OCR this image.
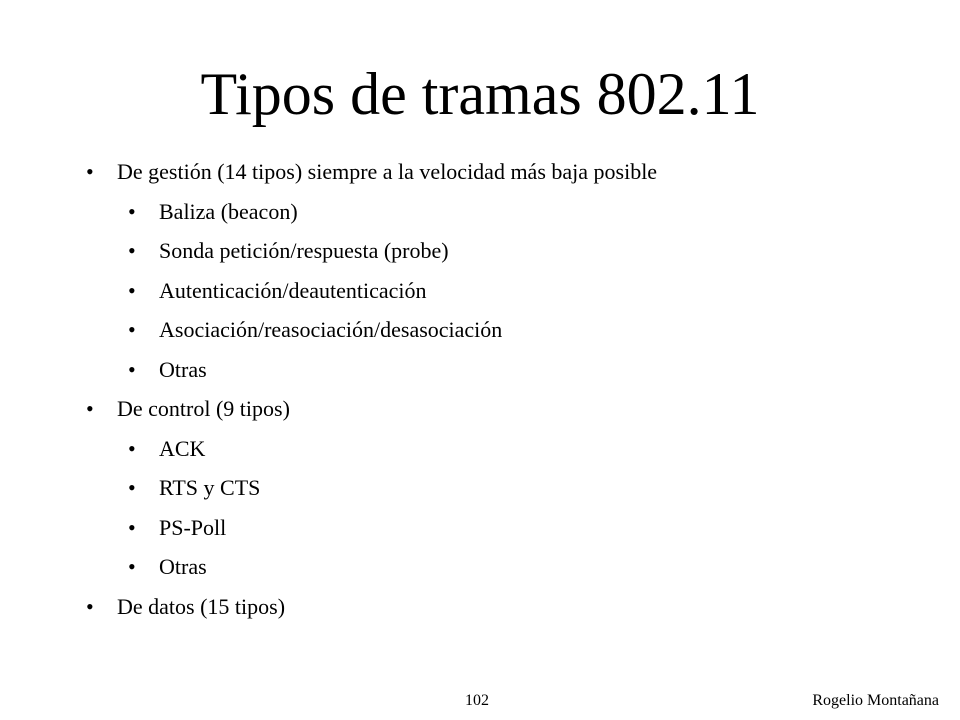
Tipos de tramas 802.11
• De gestión (14 tipos) siempre a la velocidad más baja posible
• Baliza (beacon)
• Sonda petición/respuesta (probe)
• Autenticación/deautenticación
• Asociación/reasociación/desasociación
• Otras
• De control (9 tipos)
• ACK
• RTS y CTS
• PS-Poll
• Otras
• De datos (15 tipos)
102	Rogelio Montañana
